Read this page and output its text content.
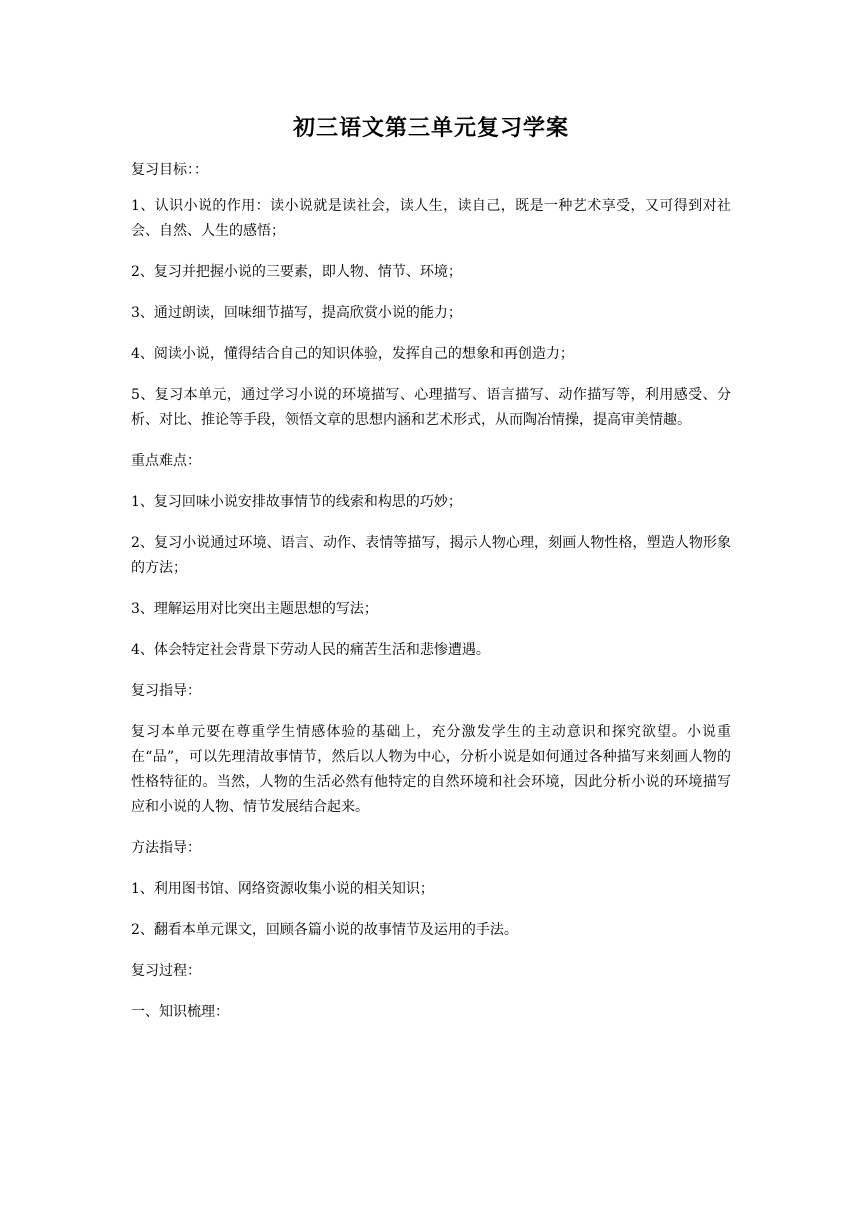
初三语文第三单元复习学案

复习目标：：

1、认识小说的作用：读小说就是读社会，读人生，读自己，既是一种艺术享受，又可得到对社会、自然、人生的感悟；

2、复习并把握小说的三要素，即人物、情节、环境；

3、通过朗读，回味细节描写，提高欣赏小说的能力；

4、阅读小说，懂得结合自己的知识体验，发挥自己的想象和再创造力；

5、复习本单元，通过学习小说的环境描写、心理描写、语言描写、动作描写等，利用感受、分析、对比、推论等手段，领悟文章的思想内涵和艺术形式，从而陶冶情操，提高审美情趣。

重点难点：

1、复习回味小说安排故事情节的线索和构思的巧妙；

2、复习小说通过环境、语言、动作、表情等描写，揭示人物心理，刻画人物性格，塑造人物形象的方法；

3、理解运用对比突出主题思想的写法；

4、体会特定社会背景下劳动人民的痛苦生活和悲惨遭遇。

复习指导：

复习本单元要在尊重学生情感体验的基础上，充分激发学生的主动意识和探究欲望。小说重在“品”，可以先理清故事情节，然后以人物为中心，分析小说是如何通过各种描写来刻画人物的性格特征的。当然，人物的生活必然有他特定的自然环境和社会环境，因此分析小说的环境描写应和小说的人物、情节发展结合起来。

方法指导：

1、利用图书馆、网络资源收集小说的相关知识；

2、翻看本单元课文，回顾各篇小说的故事情节及运用的手法。

复习过程：

一、知识梳理：
